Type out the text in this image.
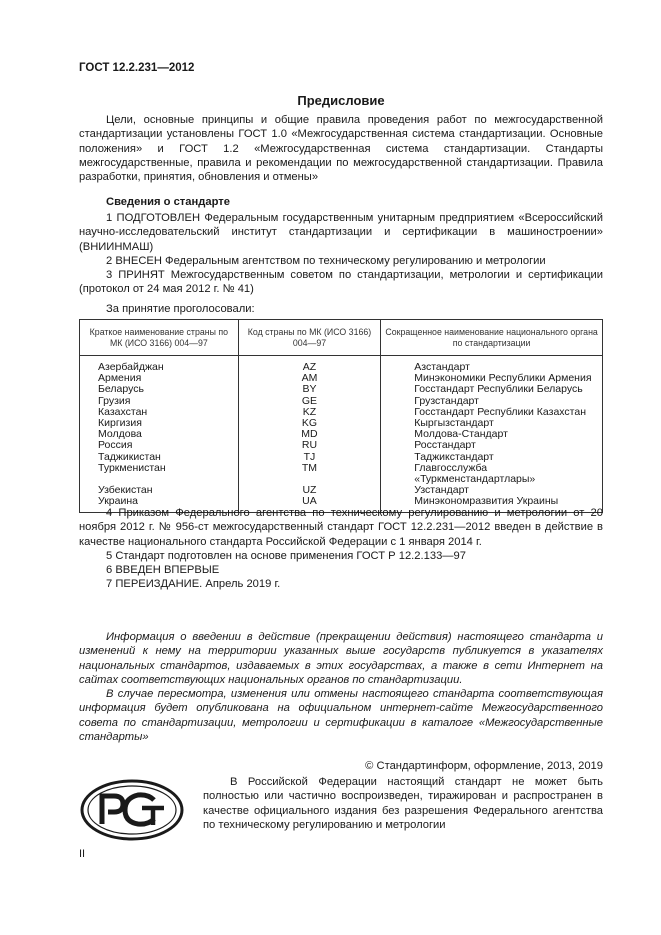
ГОСТ 12.2.231—2012
Предисловие

Цели, основные принципы и общие правила проведения работ по межгосударственной стандартизации установлены ГОСТ 1.0 «Межгосударственная система стандартизации. Основные положения» и ГОСТ 1.2 «Межгосударственная система стандартизации. Стандарты межгосударственные, правила и рекомендации по межгосударственной стандартизации. Правила разработки, принятия, обновления и отмены»

Сведения о стандарте

1 ПОДГОТОВЛЕН Федеральным государственным унитарным предприятием «Всероссийский научно-исследовательский институт стандартизации и сертификации в машиностроении» (ВНИИНМАШ)

2 ВНЕСЕН Федеральным агентством по техническому регулированию и метрологии

3 ПРИНЯТ Межгосударственным советом по стандартизации, метрологии и сертификации (протокол от 24 мая 2012 г. № 41)

За принятие проголосовали:
Краткое наименование страны по МК (ИСО 3166) 004—97	Код страны по МК (ИСО 3166) 004—97	Сокращенное наименование национального органа по стандартизации
Азербайджан	AZ	Азстандарт
Армения	AM	Минэкономики Республики Армения
Беларусь	BY	Госстандарт Республики Беларусь
Грузия	GE	Грузстандарт
Казахстан	KZ	Госстандарт Республики Казахстан
Киргизия	KG	Кыргызстандарт
Молдова	MD	Молдова-Стандарт
Россия	RU	Росстандарт
Таджикистан	TJ	Таджикстандарт
Туркменистан	TM	Главгосслужба «Туркменстандартлары»
Узбекистан	UZ	Узстандарт
Украина	UA	Минэкономразвития Украины

4 Приказом Федерального агентства по техническому регулированию и метрологии от 20 ноября 2012 г. № 956-ст межгосударственный стандарт ГОСТ 12.2.231—2012 введен в действие в качестве национального стандарта Российской Федерации с 1 января 2014 г.

5 Стандарт подготовлен на основе применения ГОСТ Р 12.2.133—97

6 ВВЕДЕН ВПЕРВЫЕ

7 ПЕРЕИЗДАНИЕ. Апрель 2019 г.

Информация о введении в действие (прекращении действия) настоящего стандарта и изменений к нему на территории указанных выше государств публикуется в указателях национальных стандартов, издаваемых в этих государствах, а также в сети Интернет на сайтах соответствующих национальных органов по стандартизации.

В случае пересмотра, изменения или отмены настоящего стандарта соответствующая информация будет опубликована на официальном интернет-сайте Межгосударственного совета по стандартизации, метрологии и сертификации в каталоге «Межгосударственные стандарты»

© Стандартинформ, оформление, 2013, 2019

В Российской Федерации настоящий стандарт не может быть полностью или частично воспроизведен, тиражирован и распространен в качестве официального издания без разрешения Федерального агентства по техническому регулированию и метрологии

II
